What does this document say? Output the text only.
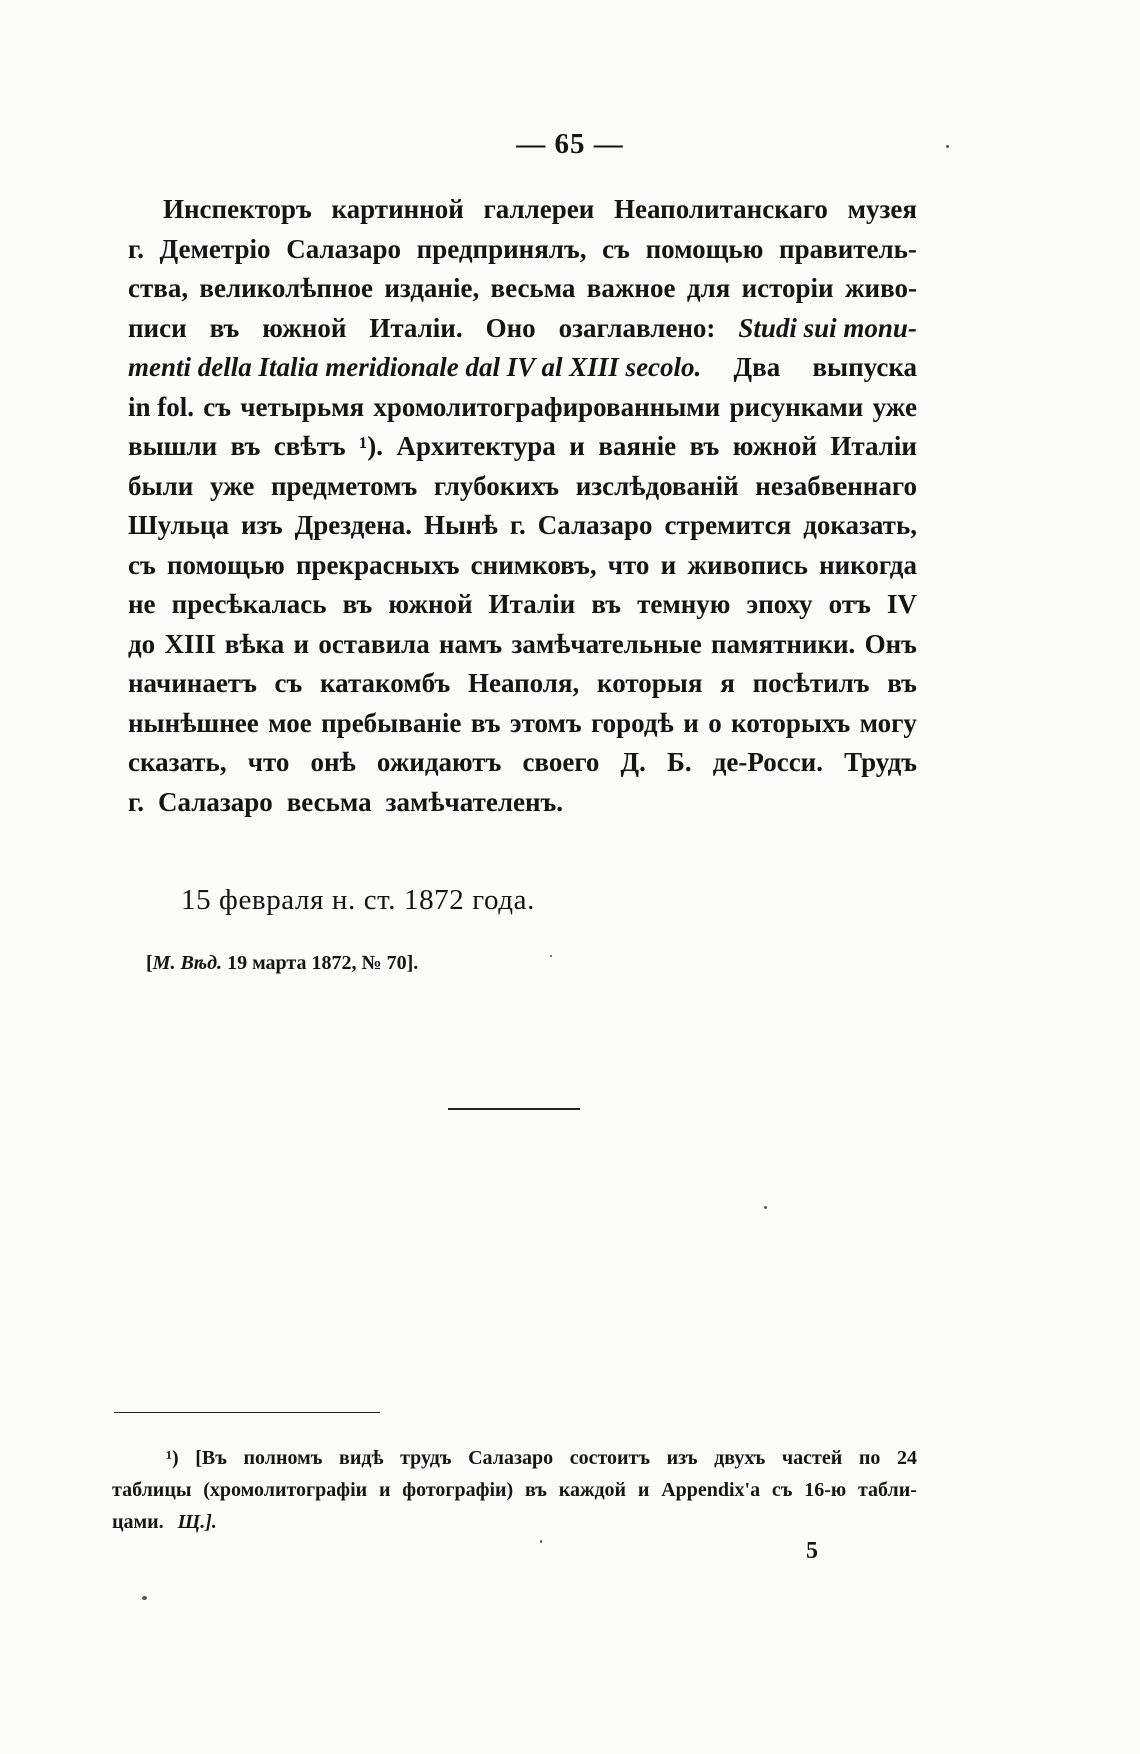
— 65 —
Инспекторъ картинной галлереи Неаполитанскаго музея
г. Деметріо Салазаро предпринялъ, съ помощью правитель-
ства, великолѣпное изданіе, весьма важное для исторіи живо-
писи въ южной Италіи. Оно озаглавлено: Studi sui monu-
menti della Italia meridionale dal IV al XIII secolo. Два выпуска
in fol. съ четырьмя хромолитографированными рисунками уже
вышли въ свѣтъ ¹). Архитектура и ваяніе въ южной Италіи
были уже предметомъ глубокихъ изслѣдованій незабвеннаго
Шульца изъ Дрездена. Нынѣ г. Салазаро стремится доказать,
съ помощью прекрасныхъ снимковъ, что и живопись никогда
не пресѣкалась въ южной Италіи въ темную эпоху отъ IV
до XIII вѣка и оставила намъ замѣчательные памятники. Онъ
начинаетъ съ катакомбъ Неаполя, которыя я посѣтилъ въ
нынѣшнее мое пребываніе въ этомъ городѣ и о которыхъ могу
сказать, что онѣ ожидаютъ своего Д. Б. де-Росси. Трудъ
г. Салазаро весьма замѣчателенъ.
15 февраля н. ст. 1872 года.
[М. Вѣд. 19 марта 1872, № 70].
¹) [Въ полномъ видѣ трудъ Салазаро состоитъ изъ двухъ частей по 24
таблицы (хромолитографіи и фотографіи) въ каждой и Appendix'а съ 16-ю табли-
цами. Щ.].
5
